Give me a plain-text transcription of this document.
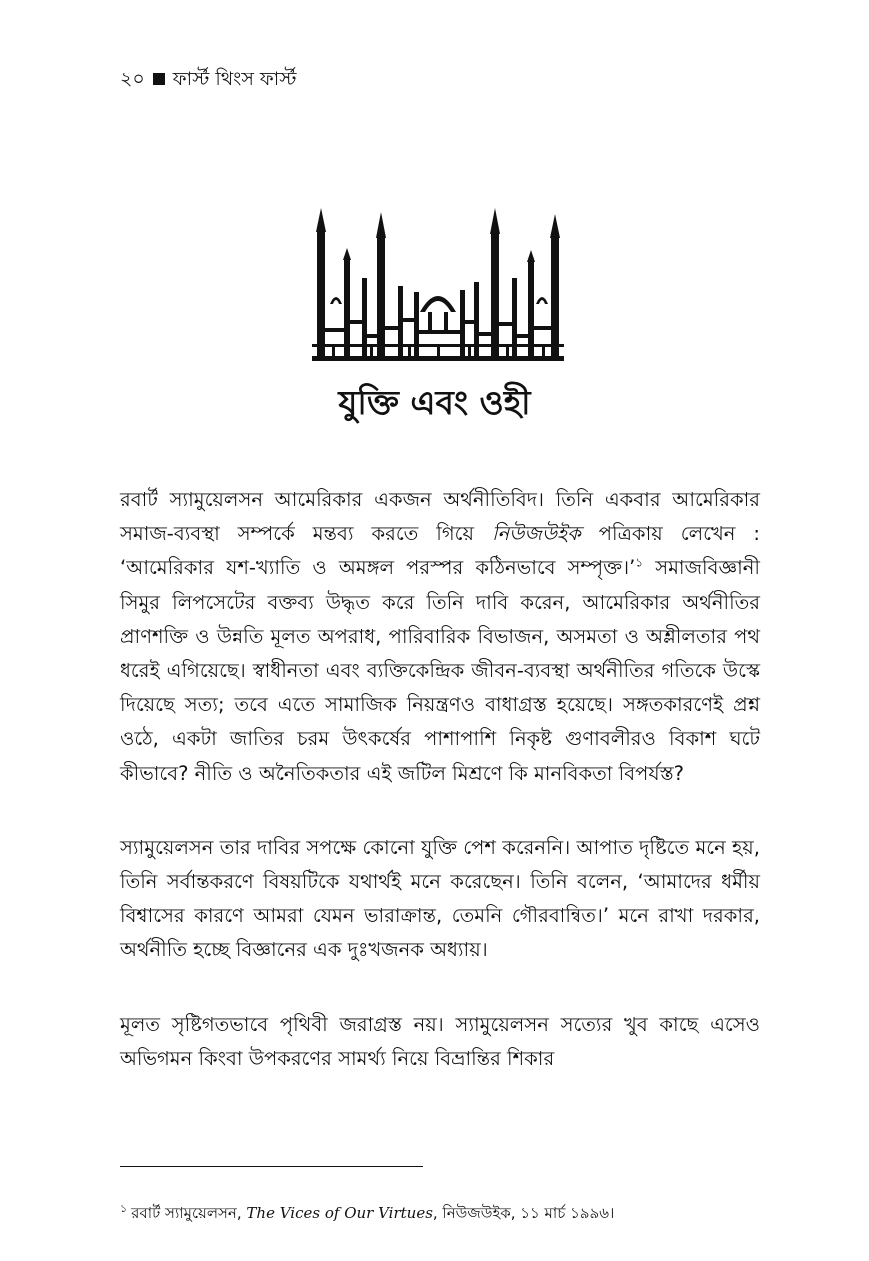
২০ ফার্স্ট থিংস ফার্স্ট
যুক্তি এবং ওহী

রবার্ট স্যামুয়েলসন আমেরিকার একজন অর্থনীতিবিদ। তিনি একবার আমেরিকার সমাজ-ব্যবস্থা সম্পর্কে মন্তব্য করতে গিয়ে নিউজউইক পত্রিকায় লেখেন : ‘আমেরিকার যশ-খ্যাতি ও অমঙ্গল পরস্পর কঠিনভাবে সম্পৃক্ত।’$^১$ সমাজবিজ্ঞানী সিমুর লিপসেটের বক্তব্য উদ্ধৃত করে তিনি দাবি করেন, আমেরিকার অর্থনীতির প্রাণশক্তি ও উন্নতি মূলত অপরাধ, পারিবারিক বিভাজন, অসমতা ও অশ্লীলতার পথ ধরেই এগিয়েছে। স্বাধীনতা এবং ব্যক্তিকেন্দ্রিক জীবন-ব্যবস্থা অর্থনীতির গতিকে উস্কে দিয়েছে সত্য; তবে এতে সামাজিক নিয়ন্ত্রণও বাধাগ্রস্ত হয়েছে। সঙ্গতকারণেই প্রশ্ন ওঠে, একটা জাতির চরম উৎকর্ষের পাশাপাশি নিকৃষ্ট গুণাবলীরও বিকাশ ঘটে কীভাবে? নীতি ও অনৈতিকতার এই জটিল মিশ্রণে কি মানবিকতা বিপর্যস্ত?

স্যামুয়েলসন তার দাবির সপক্ষে কোনো যুক্তি পেশ করেননি। আপাত দৃষ্টিতে মনে হয়, তিনি সর্বান্তকরণে বিষয়টিকে যথার্থই মনে করেছেন। তিনি বলেন, ‘আমাদের ধর্মীয় বিশ্বাসের কারণে আমরা যেমন ভারাক্রান্ত, তেমনি গৌরবান্বিত।’ মনে রাখা দরকার, অর্থনীতি হচ্ছে বিজ্ঞানের এক দুঃখজনক অধ্যায়।

মূলত সৃষ্টিগতভাবে পৃথিবী জরাগ্রস্ত নয়। স্যামুয়েলসন সত্যের খুব কাছে এসেও অভিগমন কিংবা উপকরণের সামর্থ্য নিয়ে বিভ্রান্তির শিকার

$^১$ রবার্ট স্যামুয়েলসন, The Vices of Our Virtues, নিউজউইক, ১১ মার্চ ১৯৯৬।
